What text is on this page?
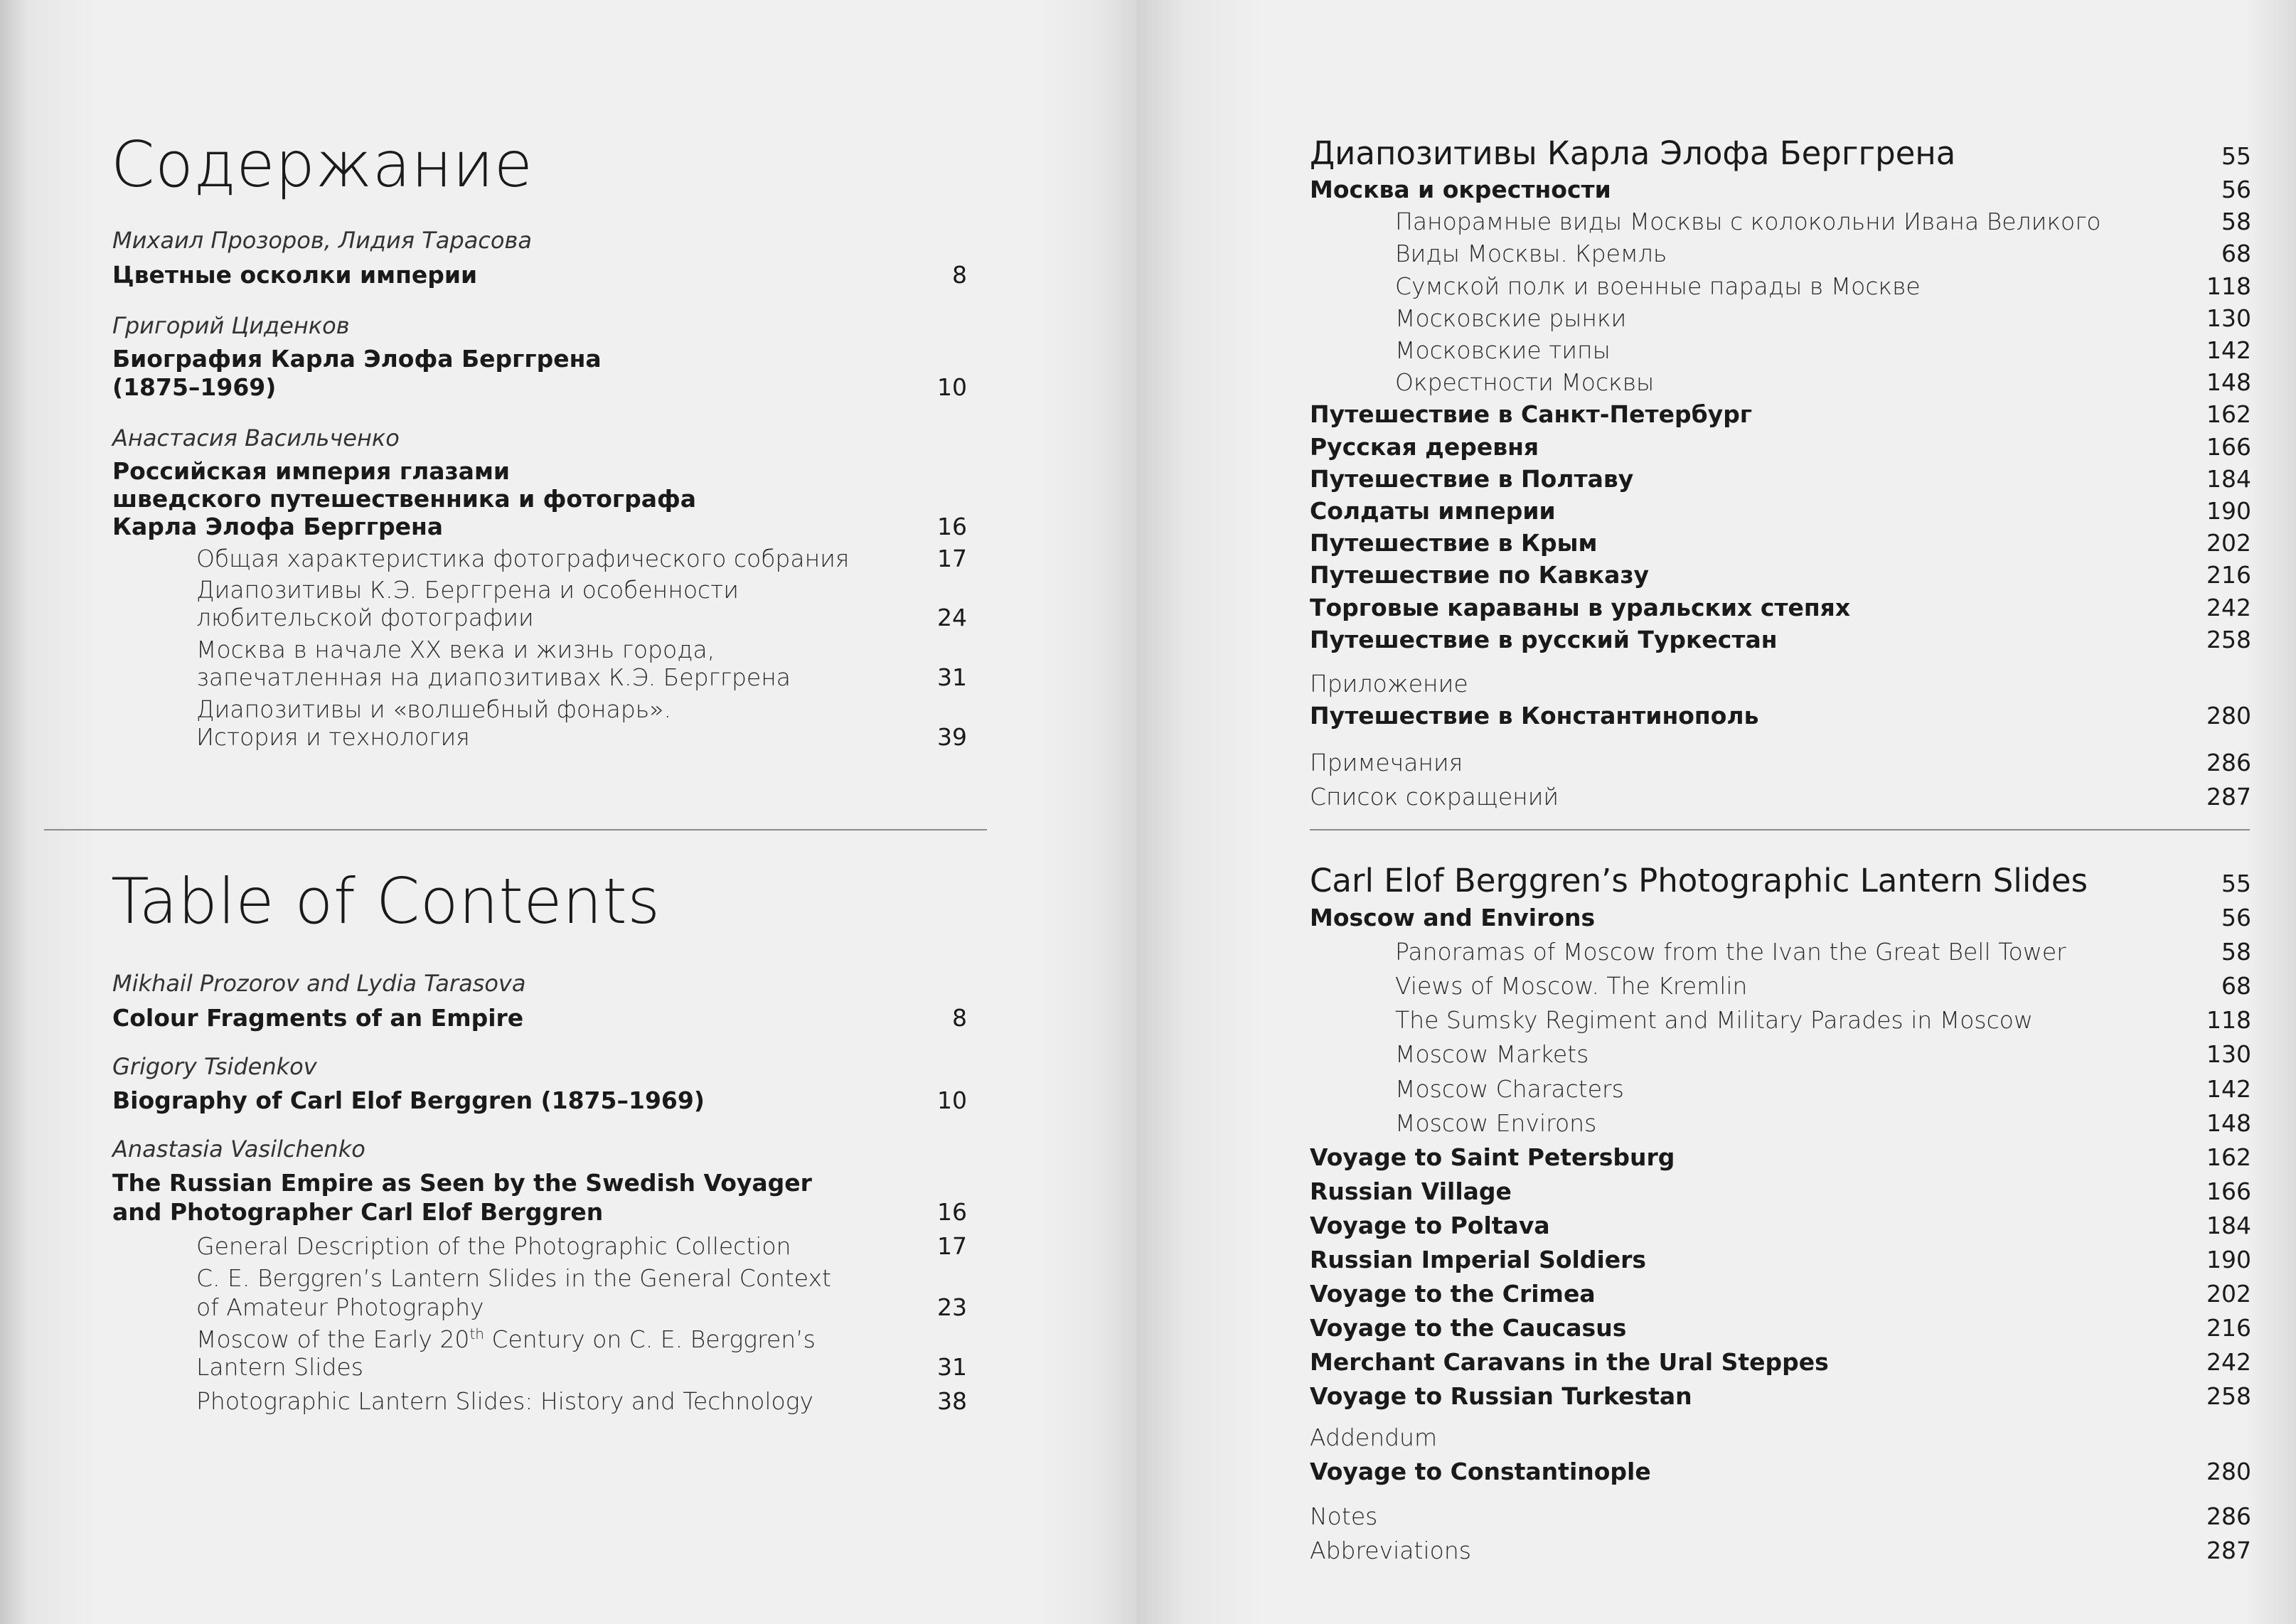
Содержание
Михаил Прозоров, Лидия Тарасова
Цветные осколки империи	8
Григорий Циденков
Биография Карла Элофа Берггрена
(1875–1969)	10
Анастасия Васильченко
Российская империя глазами
шведского путешественника и фотографа
Карла Элофа Берггрена	16
Общая характеристика фотографического собрания	17
Диапозитивы К.Э. Берггрена и особенности
любительской фотографии	24
Москва в начале XX века и жизнь города,
запечатленная на диапозитивах К.Э. Берггрена	31
Диапозитивы и «волшебный фонарь».
История и технология	39
Table of Contents
Mikhail Prozorov and Lydia Tarasova
Colour Fragments of an Empire	8
Grigory Tsidenkov
Biography of Carl Elof Berggren (1875–1969)	10
Anastasia Vasilchenko
The Russian Empire as Seen by the Swedish Voyager
and Photographer Carl Elof Berggren	16
General Description of the Photographic Collection	17
C. E. Berggren’s Lantern Slides in the General Context
of Amateur Photography	23
Moscow of the Early 20th Century on C. E. Berggren’s
Lantern Slides	31
Photographic Lantern Slides: History and Technology	38
Диапозитивы Карла Элофа Берггрена	55
Москва и окрестности	56
Панорамные виды Москвы с колокольни Ивана Великого	58
Виды Москвы. Кремль	68
Сумской полк и военные парады в Москве	118
Московские рынки	130
Московские типы	142
Окрестности Москвы	148
Путешествие в Санкт-Петербург	162
Русская деревня	166
Путешествие в Полтаву	184
Солдаты империи	190
Путешествие в Крым	202
Путешествие по Кавказу	216
Торговые караваны в уральских степях	242
Путешествие в русский Туркестан	258
Приложение
Путешествие в Константинополь	280
Примечания	286
Список сокращений	287
Carl Elof Berggren’s Photographic Lantern Slides	55
Moscow and Environs	56
Panoramas of Moscow from the Ivan the Great Bell Tower	58
Views of Moscow. The Kremlin	68
The Sumsky Regiment and Military Parades in Moscow	118
Moscow Markets	130
Moscow Characters	142
Moscow Environs	148
Voyage to Saint Petersburg	162
Russian Village	166
Voyage to Poltava	184
Russian Imperial Soldiers	190
Voyage to the Crimea	202
Voyage to the Caucasus	216
Merchant Caravans in the Ural Steppes	242
Voyage to Russian Turkestan	258
Addendum
Voyage to Constantinople	280
Notes	286
Abbreviations	287
